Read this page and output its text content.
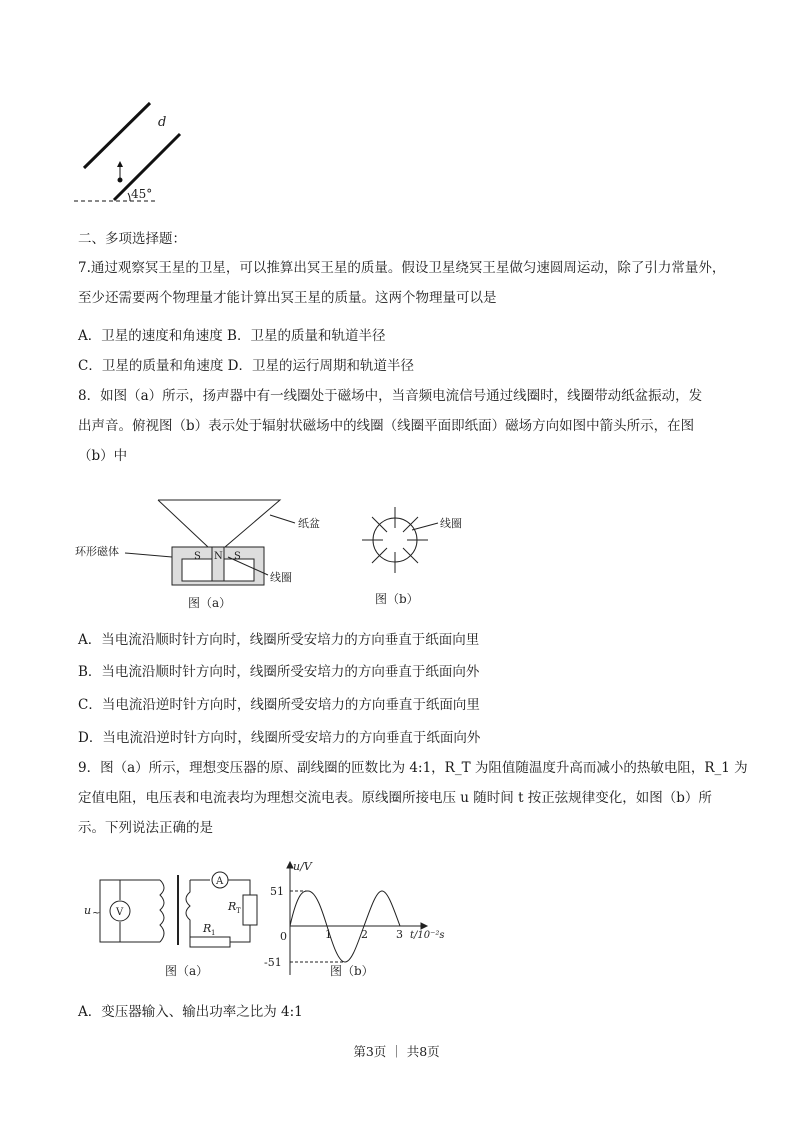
45°
d
二、多项选择题：
7.通过观察冥王星的卫星，可以推算出冥王星的质量。假设卫星绕冥王星做匀速圆周运动，除了引力常量外，
至少还需要两个物理量才能计算出冥王星的质量。这两个物理量可以是
A．卫星的速度和角速度 B．卫星的质量和轨道半径
C．卫星的质量和角速度 D．卫星的运行周期和轨道半径
8．如图（a）所示，扬声器中有一线圈处于磁场中，当音频电流信号通过线圈时，线圈带动纸盆振动，发
出声音。俯视图（b）表示处于辐射状磁场中的线圈（线圈平面即纸面）磁场方向如图中箭头所示，在图
（b）中
S N S
纸盆
环形磁体
线圈
图（a）
线圈
图（b）
A．当电流沿顺时针方向时，线圈所受安培力的方向垂直于纸面向里
B．当电流沿顺时针方向时，线圈所受安培力的方向垂直于纸面向外
C．当电流沿逆时针方向时，线圈所受安培力的方向垂直于纸面向里
D．当电流沿逆时针方向时，线圈所受安培力的方向垂直于纸面向外
9．图（a）所示，理想变压器的原、副线圈的匝数比为 4:1，R_T 为阻值随温度升高而减小的热敏电阻，R_1 为
定值电阻，电压表和电流表均为理想交流电表。原线圈所接电压 u 随时间 t 按正弦规律变化，如图（b）所
示。下列说法正确的是
V
A
u ~
R T
R 1
图（a）
u/V
51
-51
0	1	2	3 t/10⁻²s
图（b）
A．变压器输入、输出功率之比为 4:1
第3页 ｜ 共8页
